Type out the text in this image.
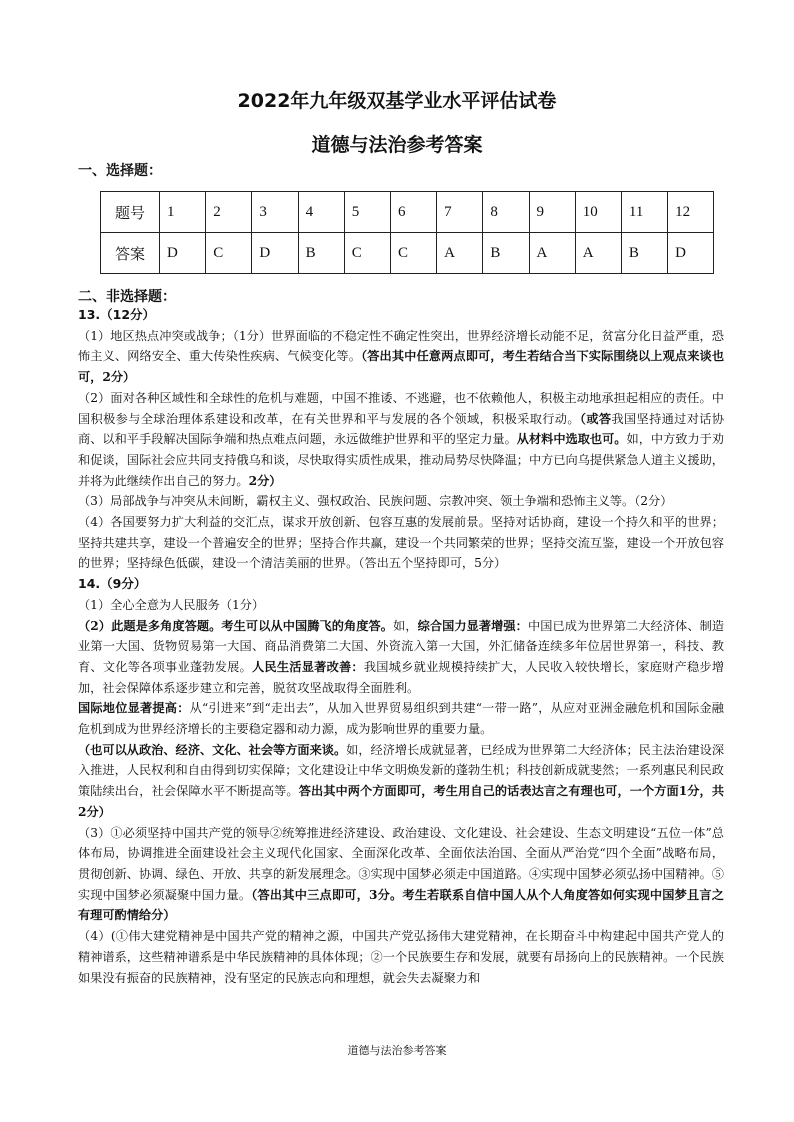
2022年九年级双基学业水平评估试卷
道德与法治参考答案
一、选择题：
题号	1	2	3	4	5	6	7	8	9	10	11	12
答案	D	C	D	B	C	C	A	B	A	A	B	D
二、非选择题：

13.（12分）

（1）地区热点冲突或战争；（1分）世界面临的不稳定性不确定性突出，世界经济增长动能不足，贫富分化日益严重，恐怖主义、网络安全、重大传染性疾病、气候变化等。（答出其中任意两点即可，考生若结合当下实际围绕以上观点来谈也可，2分）

（2）面对各种区域性和全球性的危机与难题，中国不推诿、不逃避，也不依赖他人，积极主动地承担起相应的责任。中国积极参与全球治理体系建设和改革，在有关世界和平与发展的各个领域，积极采取行动。（或答我国坚持通过对话协商、以和平手段解决国际争端和热点难点问题，永远做维护世界和平的坚定力量。从材料中选取也可。如，中方致力于劝和促谈，国际社会应共同支持俄乌和谈，尽快取得实质性成果，推动局势尽快降温；中方已向乌提供紧急人道主义援助，并将为此继续作出自己的努力。2分）

（3）局部战争与冲突从未间断，霸权主义、强权政治、民族问题、宗教冲突、领土争端和恐怖主义等。（2分）

（4）各国要努力扩大利益的交汇点，谋求开放创新、包容互惠的发展前景。坚持对话协商，建设一个持久和平的世界；坚持共建共享，建设一个普遍安全的世界；坚持合作共赢，建设一个共同繁荣的世界；坚持交流互鉴，建设一个开放包容的世界；坚持绿色低碳，建设一个清洁美丽的世界。（答出五个坚持即可，5分）

14.（9分）

（1）全心全意为人民服务（1分）

（2）此题是多角度答题。考生可以从中国腾飞的角度答。如，综合国力显著增强：中国已成为世界第二大经济体、制造业第一大国、货物贸易第一大国、商品消费第二大国、外资流入第一大国，外汇储备连续多年位居世界第一，科技、教育、文化等各项事业蓬勃发展。人民生活显著改善：我国城乡就业规模持续扩大，人民收入较快增长，家庭财产稳步增加，社会保障体系逐步建立和完善，脱贫攻坚战取得全面胜利。
国际地位显著提高：从“引进来”到“走出去”，从加入世界贸易组织到共建“一带一路”，从应对亚洲金融危机和国际金融危机到成为世界经济增长的主要稳定器和动力源，成为影响世界的重要力量。

（也可以从政治、经济、文化、社会等方面来谈。如，经济增长成就显著，已经成为世界第二大经济体；民主法治建设深入推进，人民权利和自由得到切实保障；文化建设让中华文明焕发新的蓬勃生机；科技创新成就斐然；一系列惠民利民政策陆续出台，社会保障水平不断提高等。答出其中两个方面即可，考生用自己的话表达言之有理也可，一个方面1分，共2分）

（3）①必须坚持中国共产党的领导②统筹推进经济建设、政治建设、文化建设、社会建设、生态文明建设“五位一体”总体布局，协调推进全面建设社会主义现代化国家、全面深化改革、全面依法治国、全面从严治党“四个全面”战略布局，贯彻创新、协调、绿色、开放、共享的新发展理念。③实现中国梦必须走中国道路。④实现中国梦必须弘扬中国精神。⑤实现中国梦必须凝聚中国力量。（答出其中三点即可，3分。考生若联系自信中国人从个人角度答如何实现中国梦且言之有理可酌情给分）

（4）(①伟大建党精神是中国共产党的精神之源，中国共产党弘扬伟大建党精神，在长期奋斗中构建起中国共产党人的精神谱系，这些精神谱系是中华民族精神的具体体现；②一个民族要生存和发展，就要有昂扬向上的民族精神。一个民族如果没有振奋的民族精神，没有坚定的民族志向和理想，就会失去凝聚力和

道德与法治参考答案
